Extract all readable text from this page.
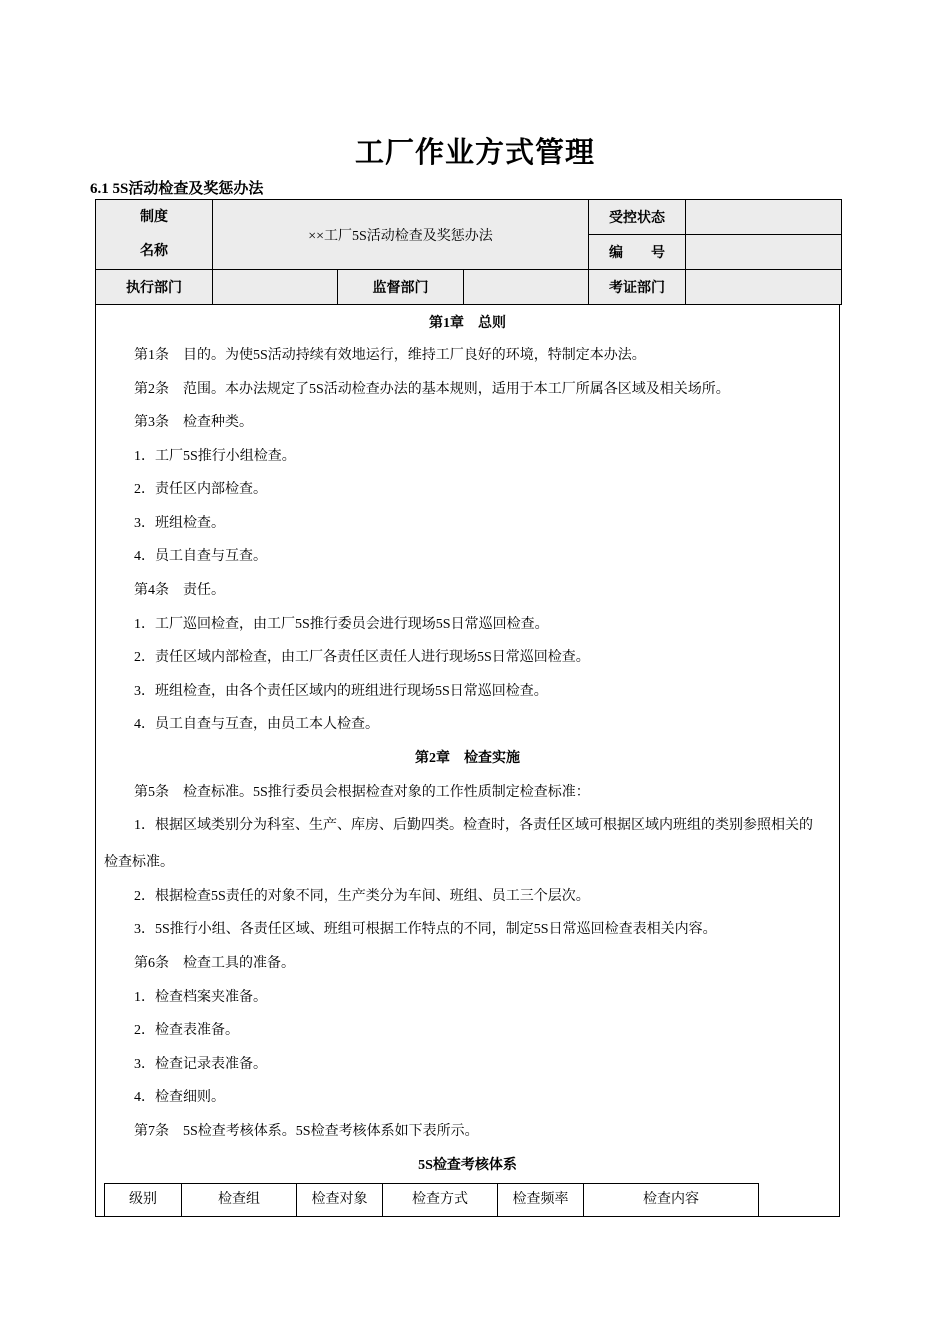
工厂作业方式管理
6.1 5S活动检查及奖惩办法
制度
名称	××工厂5S活动检查及奖惩办法			受控状态	
				编　　号	
执行部门		监督部门		考证部门	
第1章　总则
第1条　目的。为使5S活动持续有效地运行，维持工厂良好的环境，特制定本办法。
第2条　范围。本办法规定了5S活动检查办法的基本规则，适用于本工厂所属各区域及相关场所。
第3条　检查种类。
1．工厂5S推行小组检查。
2．责任区内部检查。
3．班组检查。
4．员工自查与互查。
第4条　责任。
1．工厂巡回检查，由工厂5S推行委员会进行现场5S日常巡回检查。
2．责任区域内部检查，由工厂各责任区责任人进行现场5S日常巡回检查。
3．班组检查，由各个责任区域内的班组进行现场5S日常巡回检查。
4．员工自查与互查，由员工本人检查。
第2章　检查实施
第5条　检查标准。5S推行委员会根据检查对象的工作性质制定检查标准：
1．根据区域类别分为科室、生产、库房、后勤四类。检查时，各责任区域可根据区域内班组的类别参照相关的
检查标准。
2．根据检查5S责任的对象不同，生产类分为车间、班组、员工三个层次。
3．5S推行小组、各责任区域、班组可根据工作特点的不同，制定5S日常巡回检查表相关内容。
第6条　检查工具的准备。
1．检查档案夹准备。
2．检查表准备。
3．检查记录表准备。
4．检查细则。
第7条　5S检查考核体系。5S检查考核体系如下表所示。
5S检查考核体系
级别	检查组	检查对象	检查方式	检查频率	检查内容
